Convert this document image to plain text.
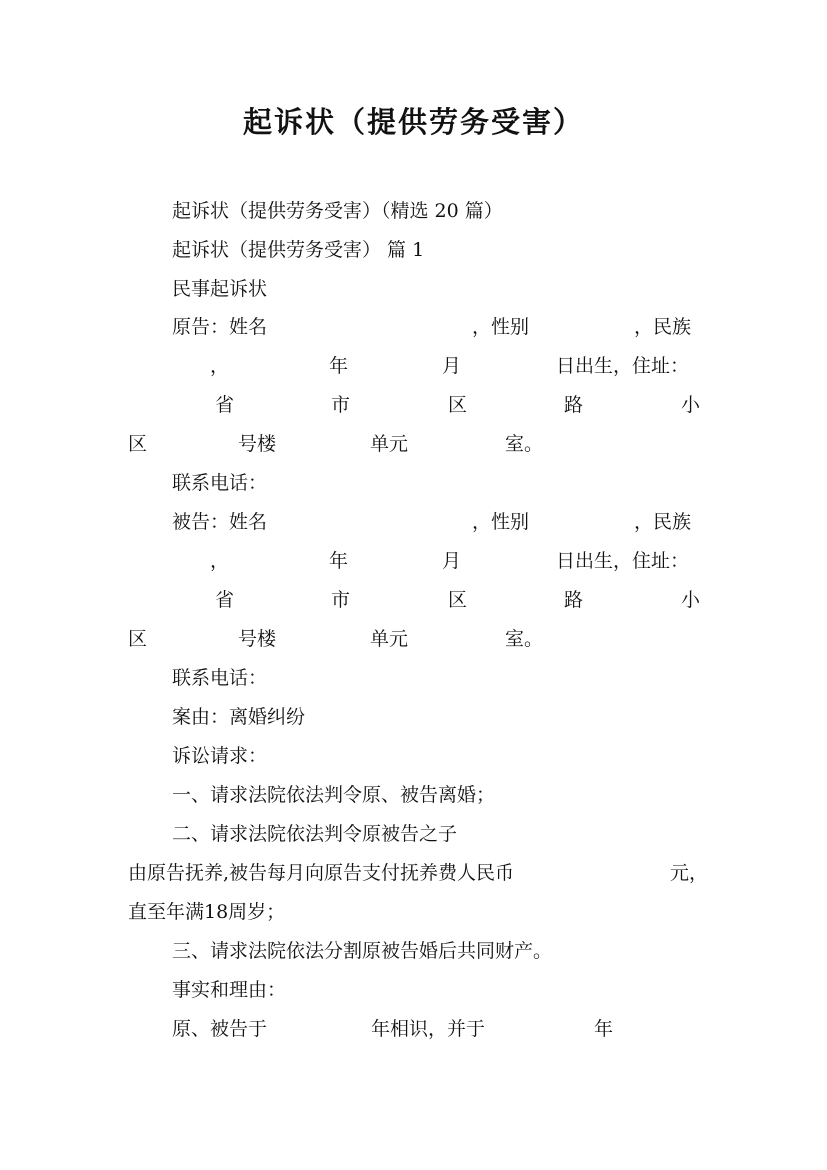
起诉状（提供劳务受害）
起诉状（提供劳务受害）（精选 20 篇）
起诉状（提供劳务受害） 篇 1
民事起诉状
原告：姓名	，性别	，民族
，	年	月	日出生，住址：
省	市	区	路	小
区	号楼	单元	室。
联系电话：
被告：姓名	，性别	，民族
，	年	月	日出生，住址：
省	市	区	路	小
区	号楼	单元	室。
联系电话：
案由：离婚纠纷
诉讼请求：
一、请求法院依法判令原、被告离婚；
二、请求法院依法判令原被告之子
由原告抚养,被告每月向原告支付抚养费人民币	元，
直至年满18周岁；
三、请求法院依法分割原被告婚后共同财产。
事实和理由：
原、被告于	年相识，并于	年
